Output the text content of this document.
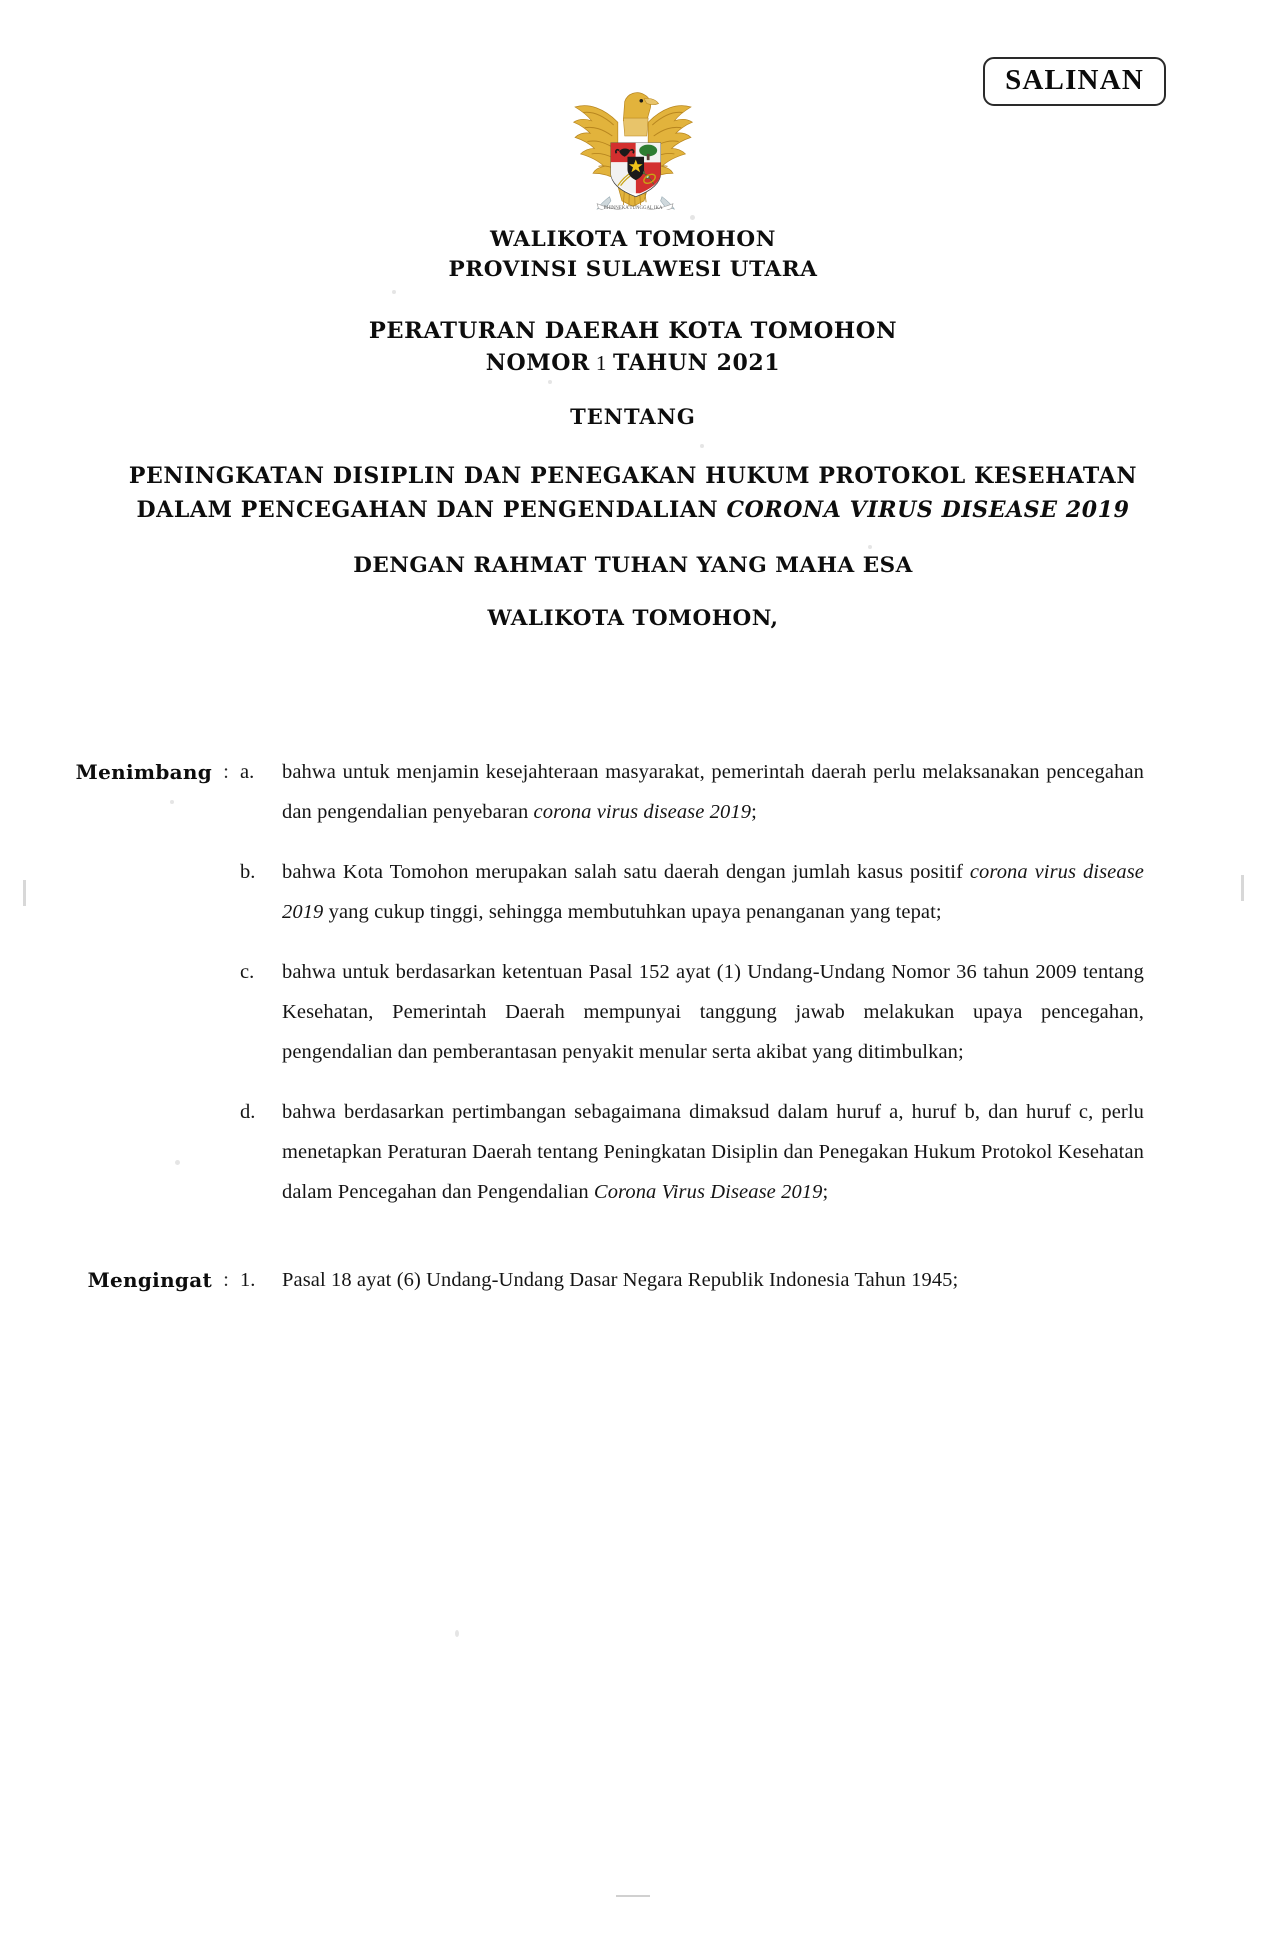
SALINAN
BHINNEKA TUNGGAL IKA
WALIKOTA TOMOHON
PROVINSI SULAWESI UTARA
PERATURAN DAERAH KOTA TOMOHON
NOMOR 1 TAHUN 2021
TENTANG
PENINGKATAN DISIPLIN DAN PENEGAKAN HUKUM PROTOKOL KESEHATAN DALAM PENCEGAHAN DAN PENGENDALIAN CORONA VIRUS DISEASE 2019
DENGAN RAHMAT TUHAN YANG MAHA ESA
WALIKOTA TOMOHON,
Menimbang : a.	bahwa untuk menjamin kesejahteraan masyarakat, pemerintah daerah perlu melaksanakan pencegahan dan pengendalian penyebaran corona virus disease 2019;
b.	bahwa Kota Tomohon merupakan salah satu daerah dengan jumlah kasus positif corona virus disease 2019 yang cukup tinggi, sehingga membutuhkan upaya penanganan yang tepat;
c.	bahwa untuk berdasarkan ketentuan Pasal 152 ayat (1) Undang-Undang Nomor 36 tahun 2009 tentang Kesehatan, Pemerintah Daerah mempunyai tanggung jawab melakukan upaya pencegahan, pengendalian dan pemberantasan penyakit menular serta akibat yang ditimbulkan;
d.	bahwa berdasarkan pertimbangan sebagaimana dimaksud dalam huruf a, huruf b, dan huruf c, perlu menetapkan Peraturan Daerah tentang Peningkatan Disiplin dan Penegakan Hukum Protokol Kesehatan dalam Pencegahan dan Pengendalian Corona Virus Disease 2019;
Mengingat : 1.	Pasal 18 ayat (6) Undang-Undang Dasar Negara Republik Indonesia Tahun 1945;
